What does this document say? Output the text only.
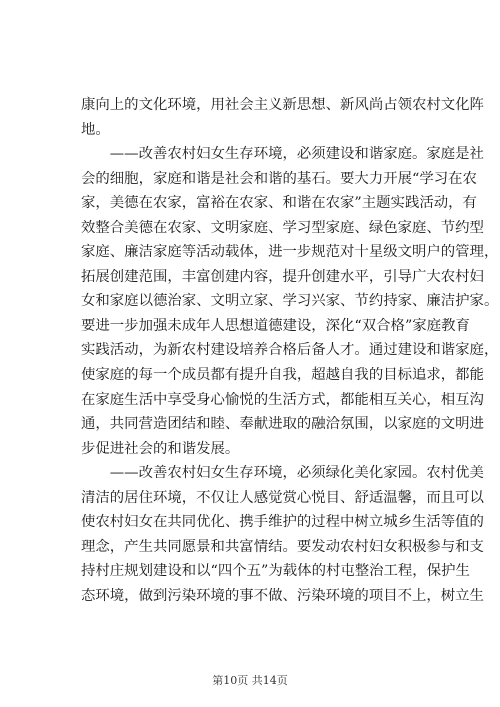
康向上的文化环境，用社会主义新思想、新风尚占领农村文化阵
地。
　　——改善农村妇女生存环境，必须建设和谐家庭。家庭是社
会的细胞，家庭和谐是社会和谐的基石。要大力开展“学习在农
家，美德在农家，富裕在农家、和谐在农家”主题实践活动，有
效整合美德在农家、文明家庭、学习型家庭、绿色家庭、节约型
家庭、廉洁家庭等活动载体，进一步规范对十星级文明户的管理，
拓展创建范围，丰富创建内容，提升创建水平，引导广大农村妇
女和家庭以德治家、文明立家、学习兴家、节约持家、廉洁护家。
要进一步加强未成年人思想道德建设，深化“双合格”家庭教育
实践活动，为新农村建设培养合格后备人才。通过建设和谐家庭，
使家庭的每一个成员都有提升自我，超越自我的目标追求，都能
在家庭生活中享受身心愉悦的生活方式，都能相互关心，相互沟
通，共同营造团结和睦、奉献进取的融洽氛围，以家庭的文明进
步促进社会的和谐发展。
　　——改善农村妇女生存环境，必须绿化美化家园。农村优美
清洁的居住环境，不仅让人感觉赏心悦目、舒适温馨，而且可以
使农村妇女在共同优化、携手维护的过程中树立城乡生活等值的
理念，产生共同愿景和共富情结。要发动农村妇女积极参与和支
持村庄规划建设和以“四个五”为载体的村屯整治工程，保护生
态环境，做到污染环境的事不做、污染环境的项目不上，树立生
第10页 共14页
